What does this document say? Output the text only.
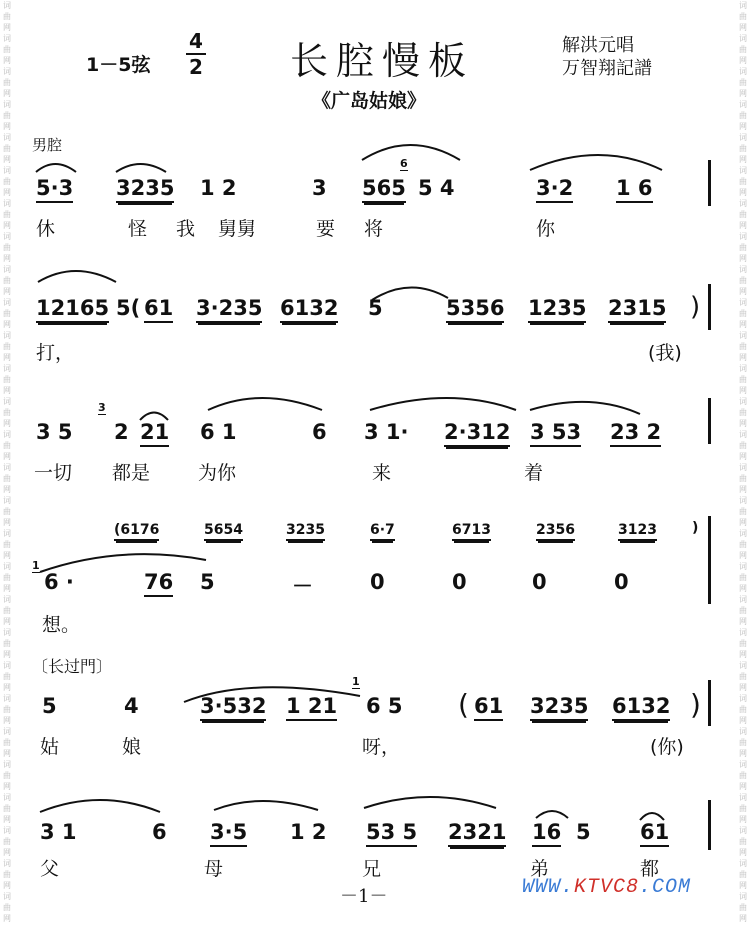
词
曲
网
词
曲
网
词
曲
网
词
曲
网
词
曲
网
词
曲
网
词
曲
网
词
曲
网
词
曲
网
词
曲
网
词
曲
网
词
曲
网
词
曲
网
词
曲
网
词
曲
网
词
曲
网
词
曲
网
词
曲
网
词
曲
网
词
曲
网
词
曲
网
词
曲
网
词
曲
网
词
曲
网
词
曲
网
词
曲
网
词
曲
网
词
曲
网
词
曲
网
词
曲
网
词
曲
网
词
曲
网
词
曲
网
词
曲
网
词
曲
网
词
曲
网
词
曲
网
词
曲
网
词
曲
网
词
曲
网
词
曲
网
词
曲
网
词
曲
网
词
曲
网
词
曲
网
词
曲
网
词
曲
网
词
曲
网
词
曲
网
词
曲
网
词
曲
网
词
曲
网
词
曲
网
词
曲
网
词
曲
网
词
曲
网
1－5弦
4
2 长腔慢板	解洪元唱
万智翔記譜
《广岛姑娘》
男腔
5·3 3235 1 2	3 565
6
5 4	3·2 1 6
休	怪 我 舅舅	要 将	你
12165 5( 61 3·235 6132 5	5356 1235 2315 )
打，	(我)
3 5
3
2 21 6 1	6 3 1· 2·312 3 53 23 2
一切 都是	为你	来	着
(6176	5654	3235	6·7	6713	2356	3123	)
1
6 ·	76 5	－	0	0	0	0
想。
〔长过門〕
5	4	3·532 1 21
1
6 5 ( 61 3235 6132 )
姑	娘	呀，	(你)
3 1	6 3·5 1 2 53 5 2321 16 5 61
父	母	兄	弟	都
－1－	WWW.KTVC8.COM
